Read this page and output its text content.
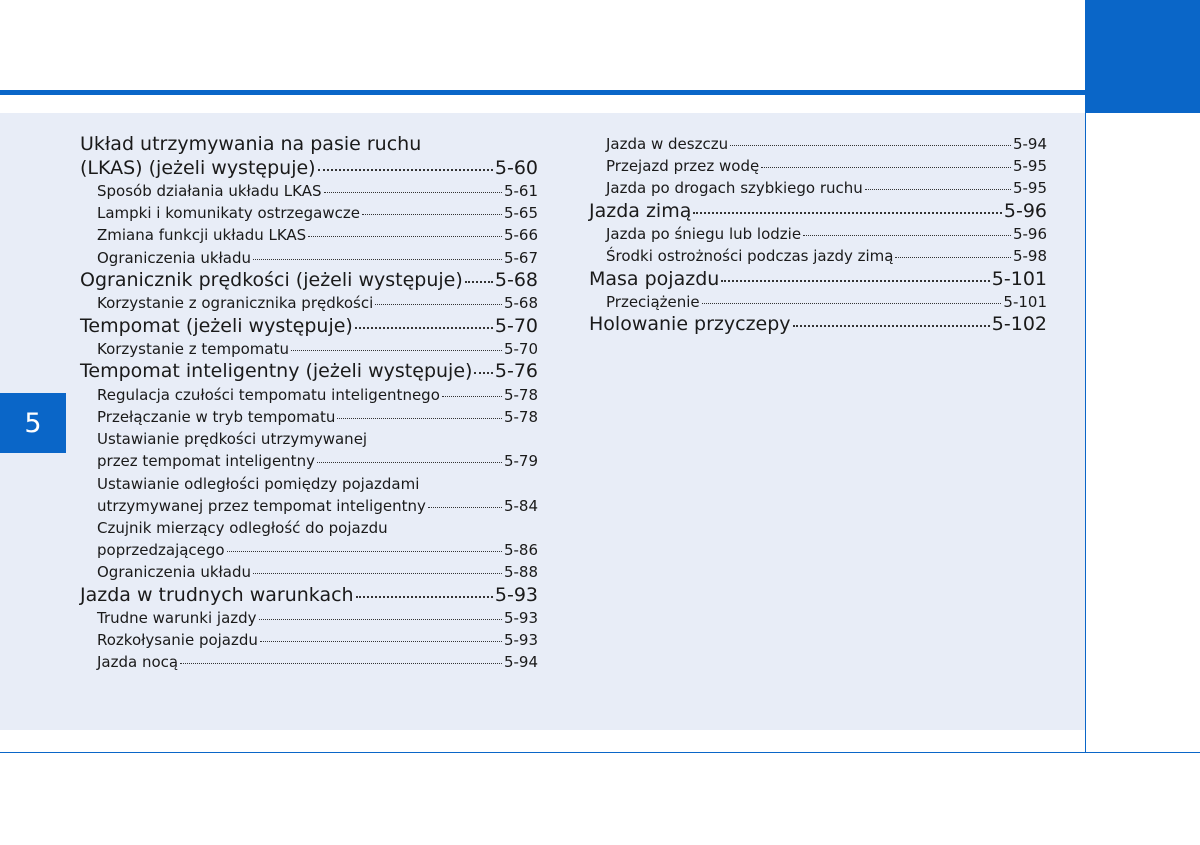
5
Układ utrzymywania na pasie ruchu
(LKAS) (jeżeli występuje)	5-60
Sposób działania układu LKAS	5-61
Lampki i komunikaty ostrzegawcze	5-65
Zmiana funkcji układu LKAS	5-66
Ograniczenia układu	5-67
Ogranicznik prędkości (jeżeli występuje) 5-68
Korzystanie z ogranicznika prędkości	5-68
Tempomat (jeżeli występuje)	5-70
Korzystanie z tempomatu	5-70
Tempomat inteligentny (jeżeli występuje) 5-76
Regulacja czułości tempomatu inteligentnego	5-78
Przełączanie w tryb tempomatu	5-78
Ustawianie prędkości utrzymywanej
przez tempomat inteligentny	5-79
Ustawianie odległości pomiędzy pojazdami
utrzymywanej przez tempomat inteligentny	5-84
Czujnik mierzący odległość do pojazdu
poprzedzającego	5-86
Ograniczenia układu	5-88
Jazda w trudnych warunkach	5-93
Trudne warunki jazdy	5-93
Rozkołysanie pojazdu	5-93
Jazda nocą	5-94
Jazda w deszczu	5-94
Przejazd przez wodę	5-95
Jazda po drogach szybkiego ruchu	5-95
Jazda zimą	5-96
Jazda po śniegu lub lodzie	5-96
Środki ostrożności podczas jazdy zimą	5-98
Masa pojazdu	5-101
Przeciążenie	5-101
Holowanie przyczepy	5-102
